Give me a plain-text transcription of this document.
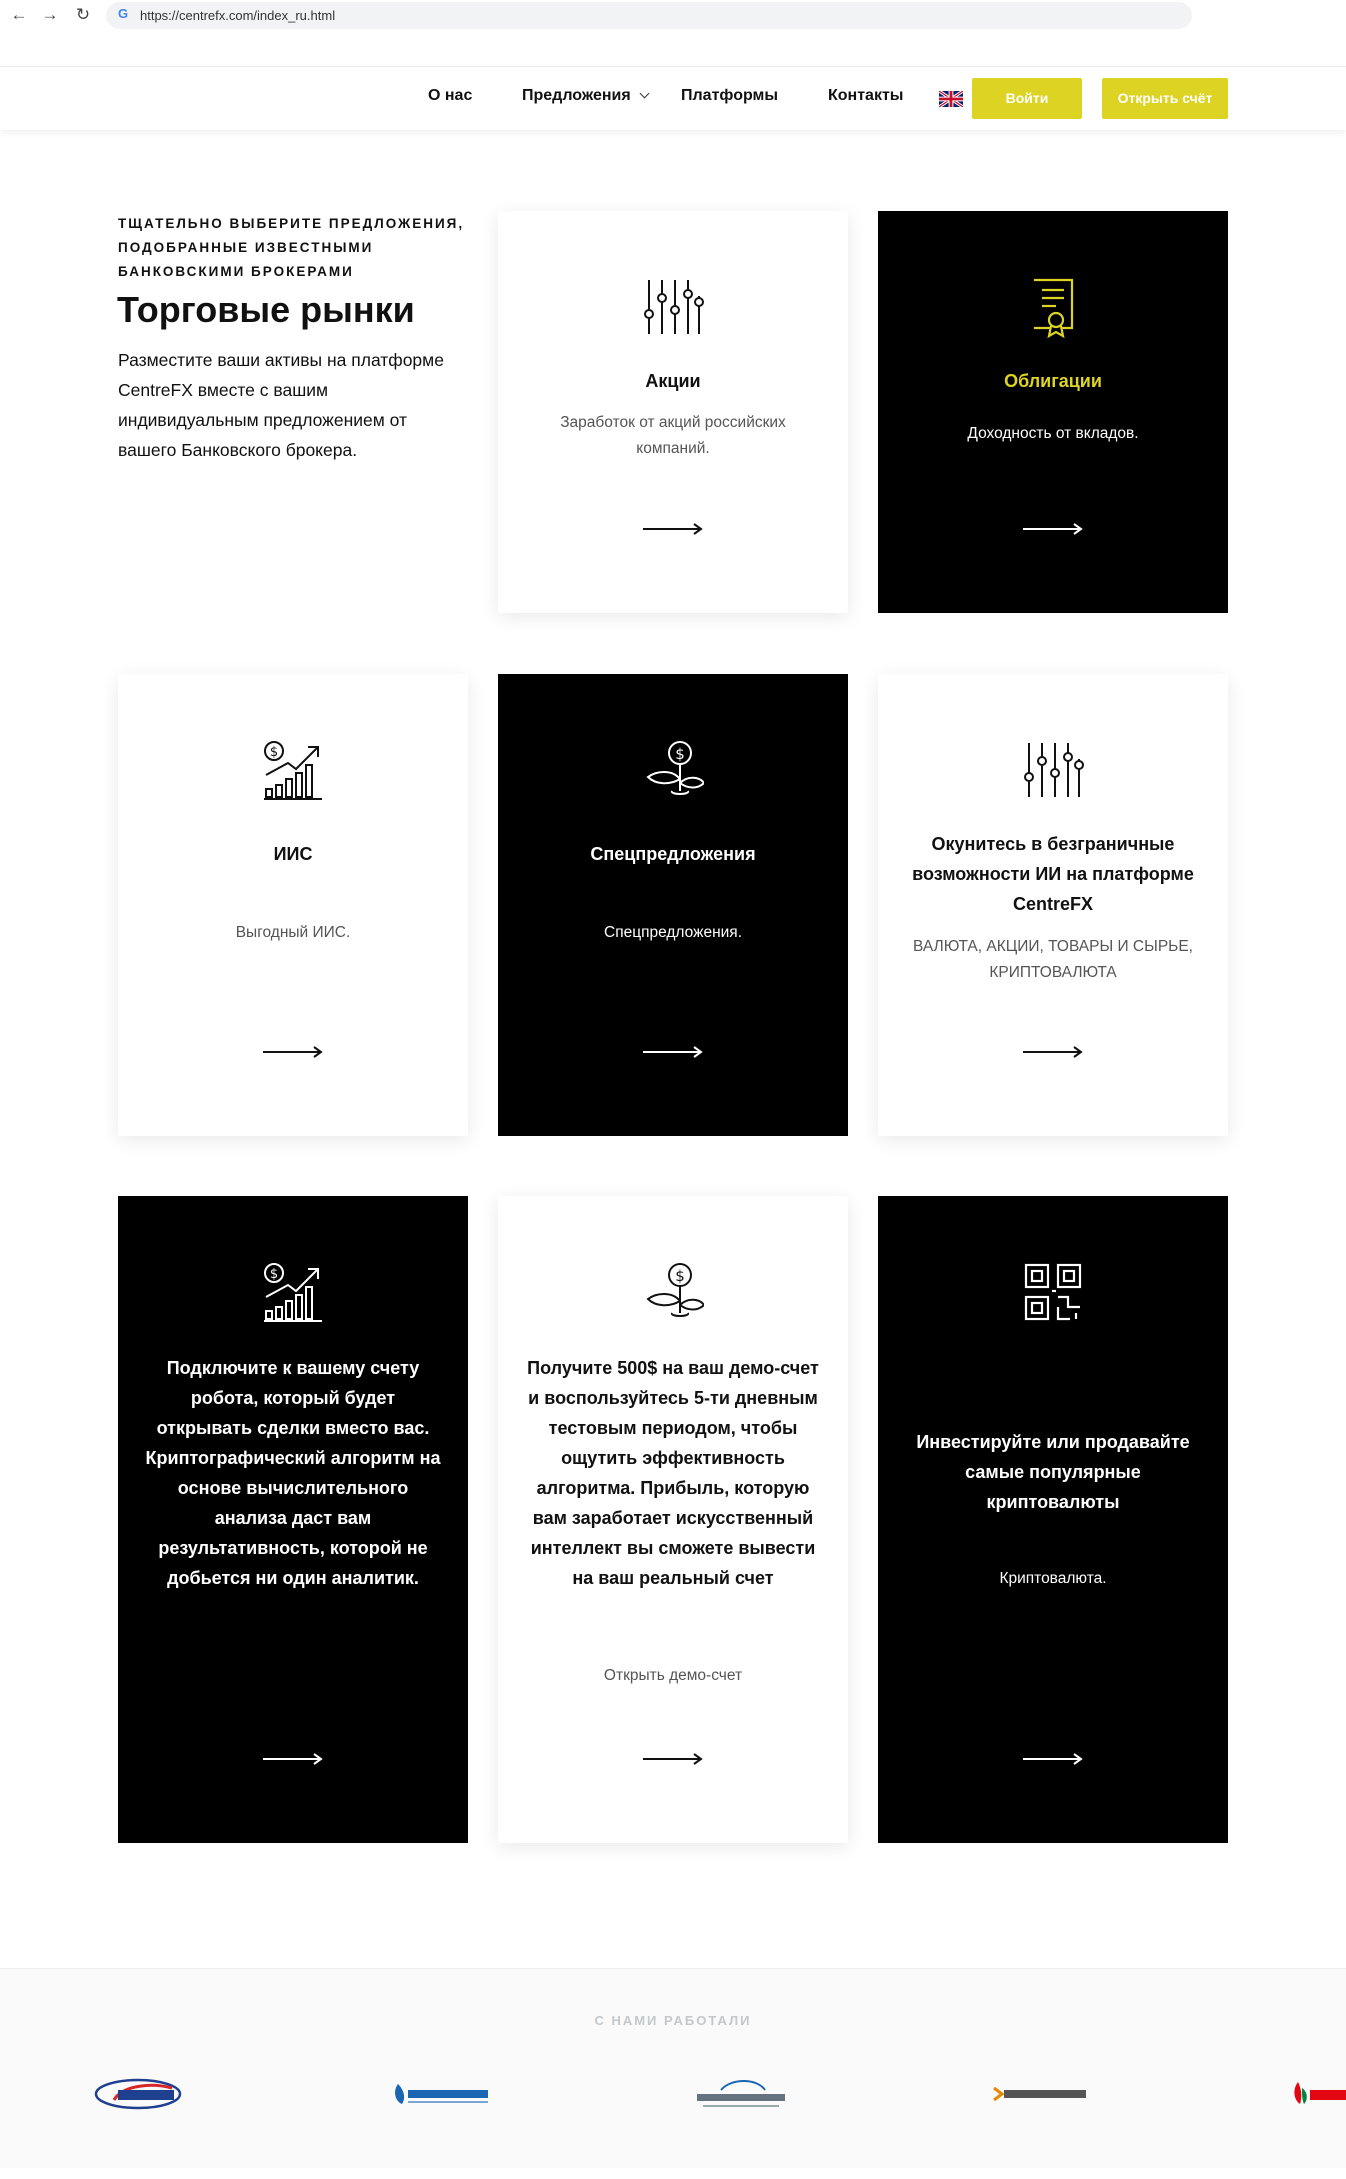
← → ↻ G https://centrefx.com/index_ru.html
О нас	Предложения	Платформы	Контакты	Войти	Открыть счёт
ТЩАТЕЛЬНО ВЫБЕРИТЕ ПРЕДЛОЖЕНИЯ, ПОДОБРАННЫЕ ИЗВЕСТНЫМИ БАНКОВСКИМИ БРОКЕРАМИ
Торговые рынки
Разместите ваши активы на платформе CentreFX вместе с вашим индивидуальным предложением от вашего Банковского брокера.
Акции
Заработок от акций российских компаний.
Облигации
Доходность от вкладов.
$
ИИС
Выгодный ИИС.
$
Спецпредложения
Спецпредложения.
Окунитесь в безграничные возможности ИИ на платформе CentreFX
ВАЛЮТА, АКЦИИ, ТОВАРЫ И СЫРЬЕ, КРИПТОВАЛЮТА
$
Подключите к вашему счету робота, который будет открывать сделки вместо вас. Криптографический алгоритм на основе вычислительного анализа даст вам результативность, которой не добьется ни один аналитик.
$
Получите 500$ на ваш демо-счет и воспользуйтесь 5-ти дневным тестовым периодом, чтобы ощутить эффективность алгоритма. Прибыль, которую вам заработает искусственный интеллект вы сможете вывести на ваш реальный счет
Открыть демо-счет
Инвестируйте или продавайте самые популярные криптовалюты
Криптовалюта.
С НАМИ РАБОТАЛИ
